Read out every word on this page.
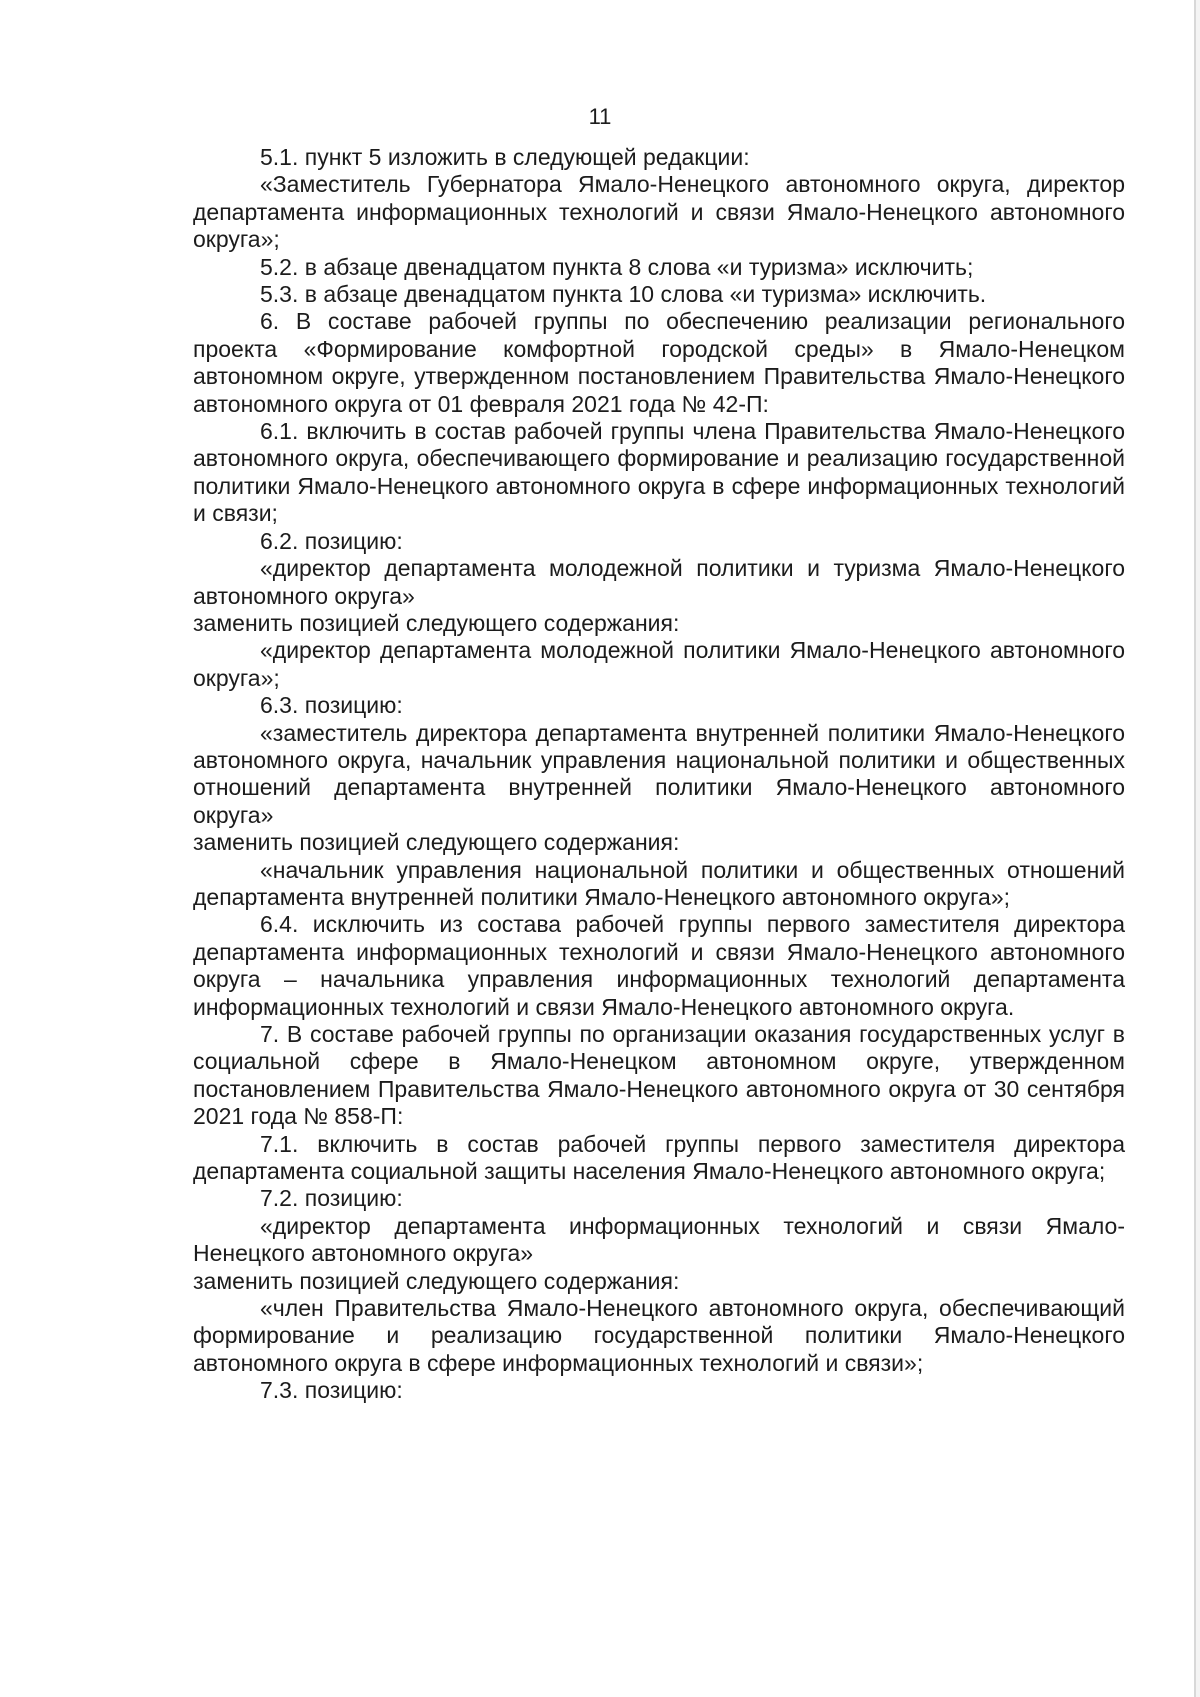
11

5.1. пункт 5 изложить в следующей редакции:

«Заместитель Губернатора Ямало-Ненецкого автономного округа, директор департамента информационных технологий и связи Ямало-Ненецкого автономного округа»;

5.2. в абзаце двенадцатом пункта 8 слова «и туризма» исключить;

5.3. в абзаце двенадцатом пункта 10 слова «и туризма» исключить.

6. В составе рабочей группы по обеспечению реализации регионального проекта «Формирование комфортной городской среды» в Ямало-Ненецком автономном округе, утвержденном постановлением Правительства Ямало-Ненецкого автономного округа от 01 февраля 2021 года № 42-П:

6.1. включить в состав рабочей группы члена Правительства Ямало-Ненецкого автономного округа, обеспечивающего формирование и реализацию государственной политики Ямало-Ненецкого автономного округа в сфере информационных технологий и связи;

6.2. позицию:

«директор департамента молодежной политики и туризма Ямало-Ненецкого автономного округа»

заменить позицией следующего содержания:

«директор департамента молодежной политики Ямало-Ненецкого автономного округа»;

6.3. позицию:

«заместитель директора департамента внутренней политики Ямало-Ненецкого автономного округа, начальник управления национальной политики и общественных отношений департамента внутренней политики Ямало-Ненецкого автономного округа»

заменить позицией следующего содержания:

«начальник управления национальной политики и общественных отношений департамента внутренней политики Ямало-Ненецкого автономного округа»;

6.4. исключить из состава рабочей группы первого заместителя директора департамента информационных технологий и связи Ямало-Ненецкого автономного округа – начальника управления информационных технологий департамента информационных технологий и связи Ямало-Ненецкого автономного округа.

7. В составе рабочей группы по организации оказания государственных услуг в социальной сфере в Ямало-Ненецком автономном округе, утвержденном постановлением Правительства Ямало-Ненецкого автономного округа от 30 сентября 2021 года № 858-П:

7.1. включить в состав рабочей группы первого заместителя директора департамента социальной защиты населения Ямало-Ненецкого автономного округа;

7.2. позицию:

«директор департамента информационных технологий и связи Ямало-Ненецкого автономного округа»

заменить позицией следующего содержания:

«член Правительства Ямало-Ненецкого автономного округа, обеспечивающий формирование и реализацию государственной политики Ямало-Ненецкого автономного округа в сфере информационных технологий и связи»;

7.3. позицию:
